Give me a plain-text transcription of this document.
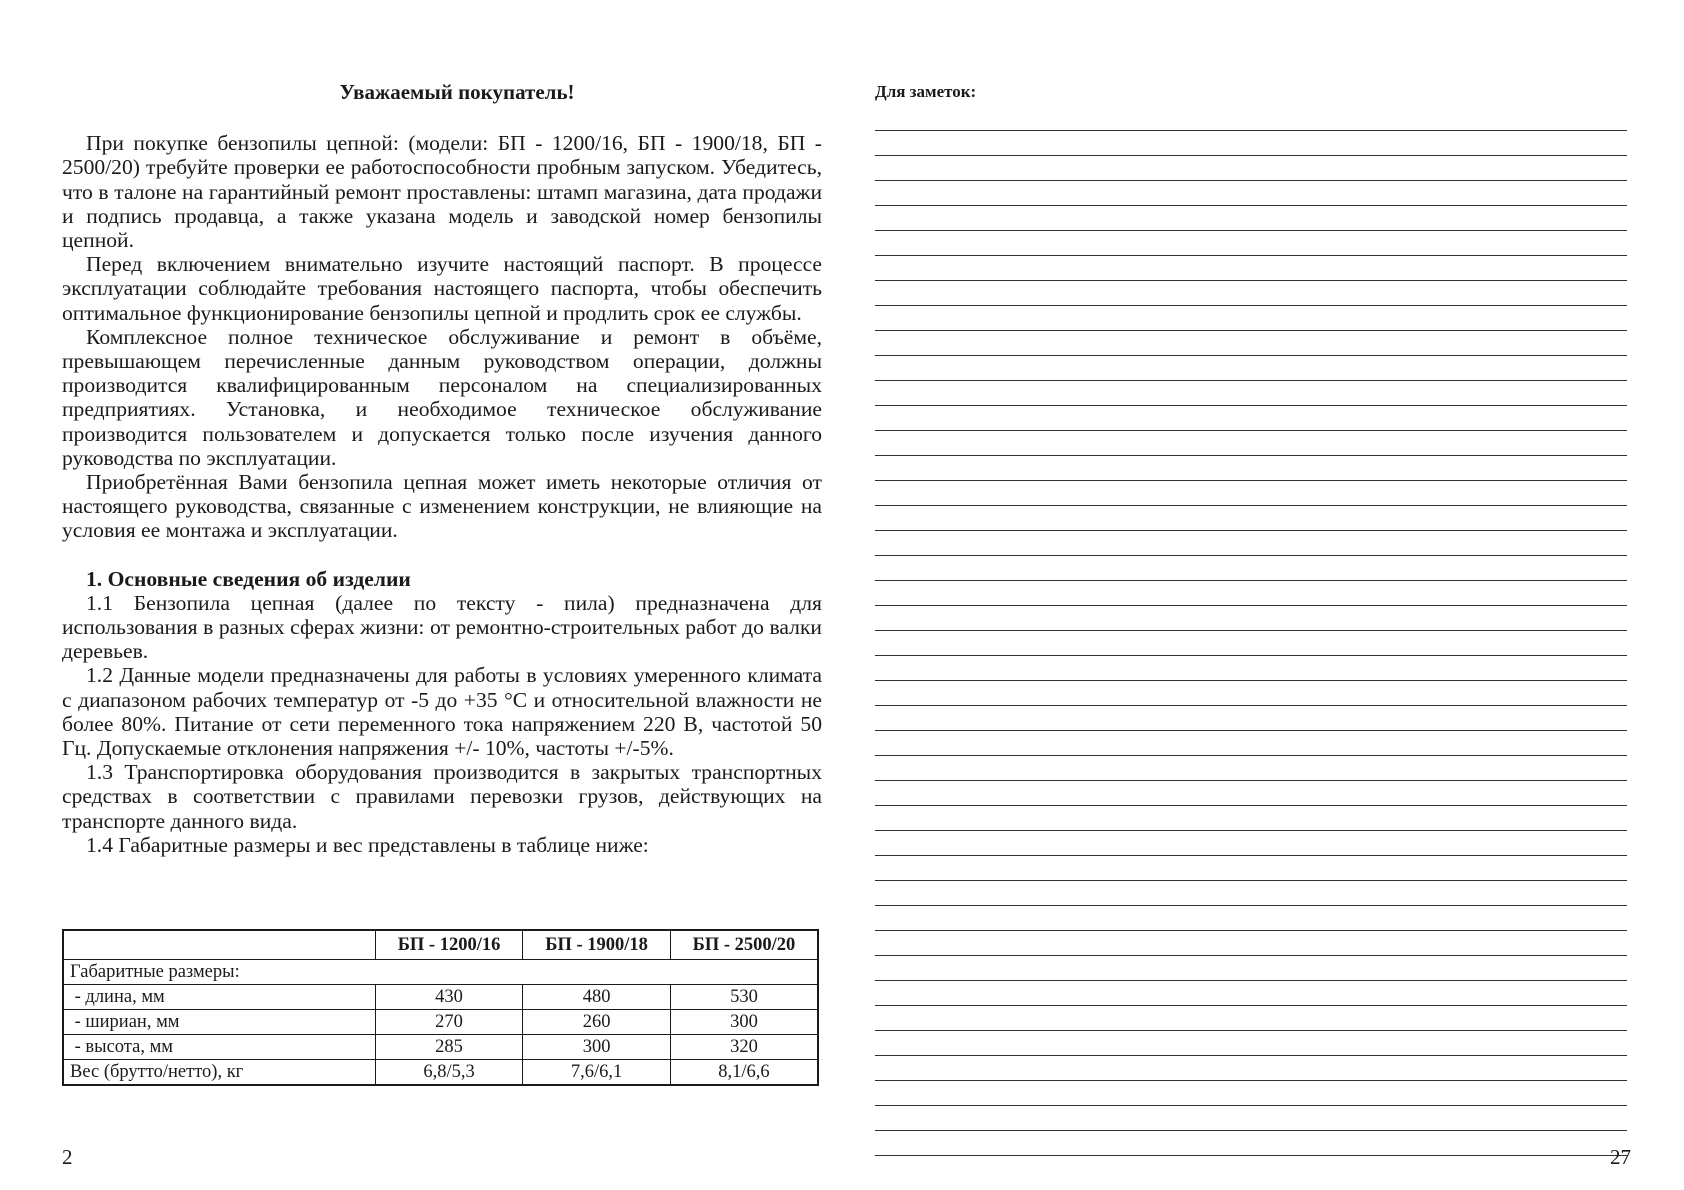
Уважаемый покупатель!

При покупке бензопилы цепной: (модели: БП - 1200/16, БП - 1900/18, БП - 2500/20) требуйте проверки ее работоспособности пробным запуском. Убедитесь, что в талоне на гарантийный ремонт проставлены: штамп магазина, дата продажи и подпись продавца, а также указана модель и заводской номер бензопилы цепной.

Перед включением внимательно изучите настоящий паспорт. В процессе эксплуатации соблюдайте требования настоящего паспорта, чтобы обеспечить оптимальное функционирование бензопилы цепной и продлить срок ее службы.

Комплексное полное техническое обслуживание и ремонт в объёме, превышающем перечисленные данным руководством операции, должны производится квалифицированным персоналом на специализированных предприятиях. Установка, и необходимое техническое обслуживание производится пользователем и допускается только после изучения данного руководства по эксплуатации.

Приобретённая Вами бензопила цепная может иметь некоторые отличия от настоящего руководства, связанные с изменением конструкции, не влияющие на условия ее монтажа и эксплуатации.

1. Основные сведения об изделии

1.1 Бензопила цепная (далее по тексту - пила) предназначена для использования в разных сферах жизни: от ремонтно-строительных работ до валки деревьев.

1.2 Данные модели предназначены для работы в условиях умеренного климата с диапазоном рабочих температур от -5 до +35 °С и относительной влажности не более 80%. Питание от сети переменного тока напряжением 220 В, частотой 50 Гц. Допускаемые отклонения напряжения +/- 10%, частоты +/-5%.

1.3 Транспортировка оборудования производится в закрытых транспортных средствах в соответствии с правилами перевозки грузов, действующих на транспорте данного вида.

1.4 Габаритные размеры и вес представлены в таблице ниже:

	БП - 1200/16	БП - 1900/18	БП - 2500/20
Габаритные размеры:			
- длина, мм	430	480	530
- шириан, мм	270	260	300
- высота, мм	285	300	320
Вес (брутто/нетто), кг	6,8/5,3	7,6/6,1	8,1/6,6
2

Для заметок:

27
